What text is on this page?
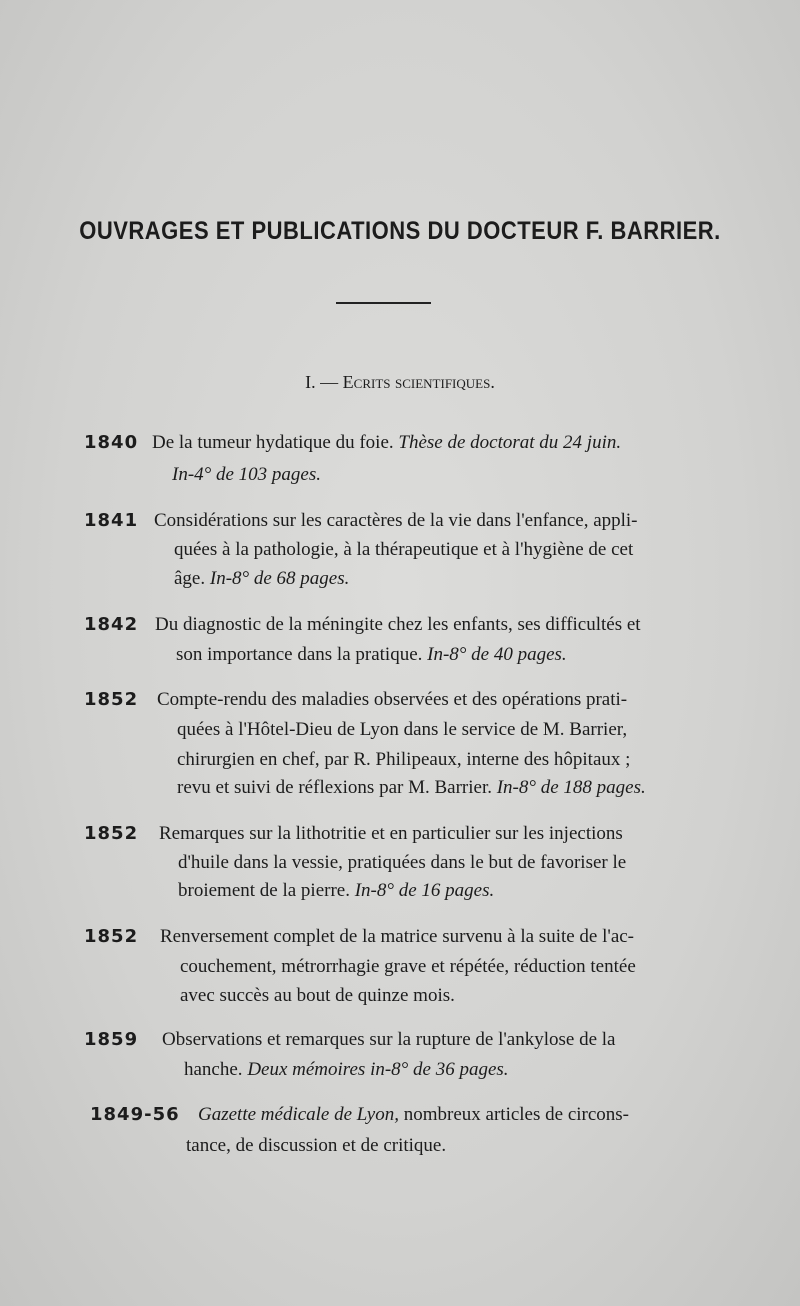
OUVRAGES ET PUBLICATIONS DU DOCTEUR F. BARRIER.
I. — Ecrits scientifiques.
1840 De la tumeur hydatique du foie. Thèse de doctorat du 24 juin.
In-4° de 103 pages.
1841 Considérations sur les caractères de la vie dans l'enfance, appli-
quées à la pathologie, à la thérapeutique et à l'hygiène de cet
âge. In-8° de 68 pages.
1842 Du diagnostic de la méningite chez les enfants, ses difficultés et
son importance dans la pratique. In-8° de 40 pages.
1852 Compte-rendu des maladies observées et des opérations prati-
quées à l'Hôtel-Dieu de Lyon dans le service de M. Barrier,
chirurgien en chef, par R. Philipeaux, interne des hôpitaux ;
revu et suivi de réflexions par M. Barrier. In-8° de 188 pages.
1852 Remarques sur la lithotritie et en particulier sur les injections
d'huile dans la vessie, pratiquées dans le but de favoriser le
broiement de la pierre. In-8° de 16 pages.
1852 Renversement complet de la matrice survenu à la suite de l'ac-
couchement, métrorrhagie grave et répétée, réduction tentée
avec succès au bout de quinze mois.
1859 Observations et remarques sur la rupture de l'ankylose de la
hanche. Deux mémoires in-8° de 36 pages.
1849-56 Gazette médicale de Lyon, nombreux articles de circons-
tance, de discussion et de critique.
